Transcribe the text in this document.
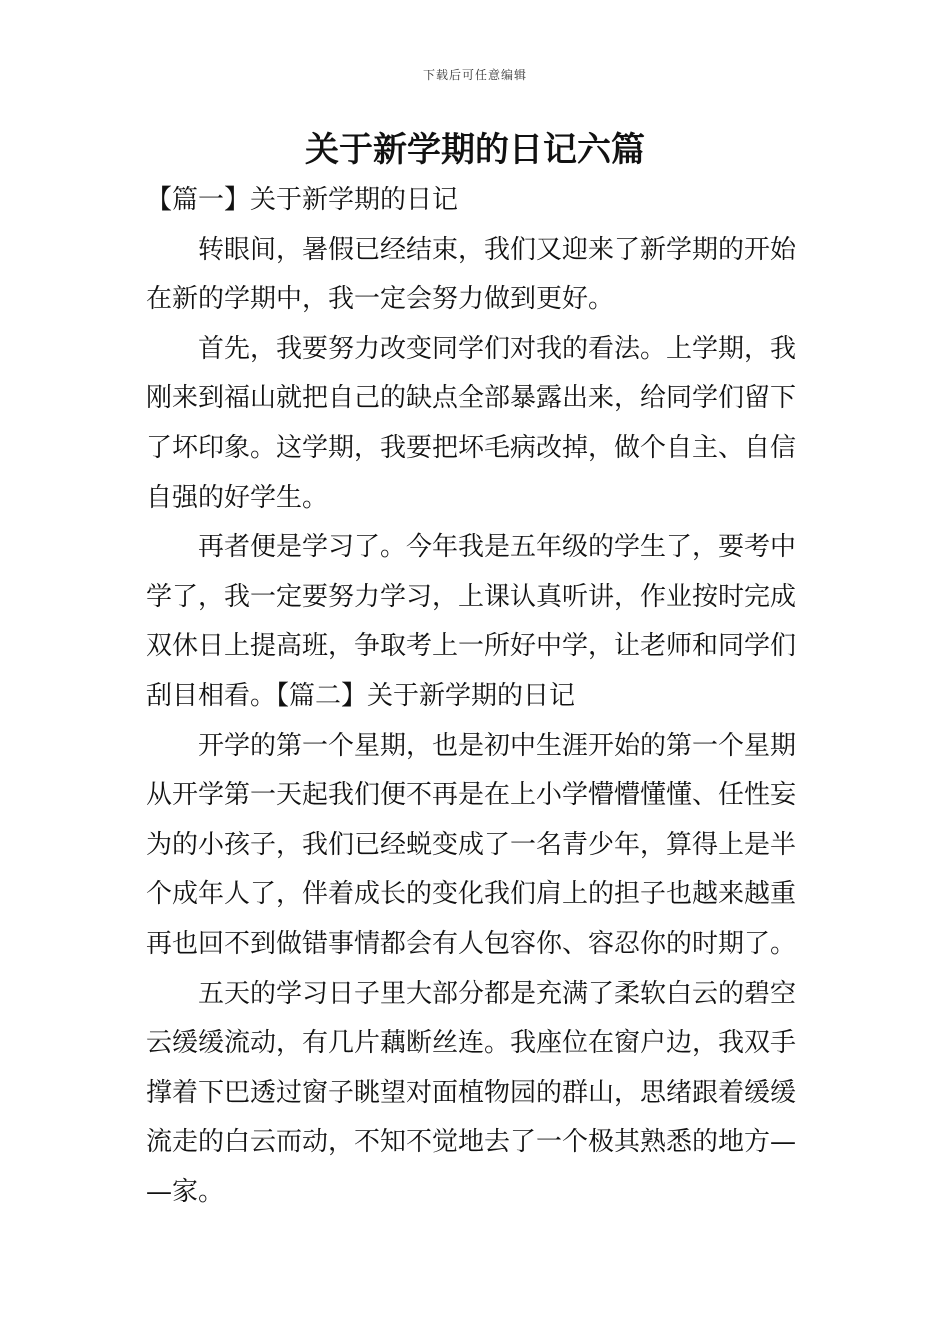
下载后可任意编辑
关于新学期的日记六篇
【篇一】关于新学期的日记
转眼间，暑假已经结束，我们又迎来了新学期的开始
在新的学期中，我一定会努力做到更好。
首先，我要努力改变同学们对我的看法。上学期，我
刚来到福山就把自己的缺点全部暴露出来，给同学们留下
了坏印象。这学期，我要把坏毛病改掉，做个自主、自信
自强的好学生。
再者便是学习了。今年我是五年级的学生了，要考中
学了，我一定要努力学习，上课认真听讲，作业按时完成
双休日上提高班，争取考上一所好中学，让老师和同学们
刮目相看。【篇二】关于新学期的日记
开学的第一个星期，也是初中生涯开始的第一个星期
从开学第一天起我们便不再是在上小学懵懵懂懂、任性妄
为的小孩子，我们已经蜕变成了一名青少年，算得上是半
个成年人了，伴着成长的变化我们肩上的担子也越来越重
再也回不到做错事情都会有人包容你、容忍你的时期了。
五天的学习日子里大部分都是充满了柔软白云的碧空
云缓缓流动，有几片藕断丝连。我座位在窗户边，我双手
撑着下巴透过窗子眺望对面植物园的群山，思绪跟着缓缓
流走的白云而动，不知不觉地去了一个极其熟悉的地方—
—家。
